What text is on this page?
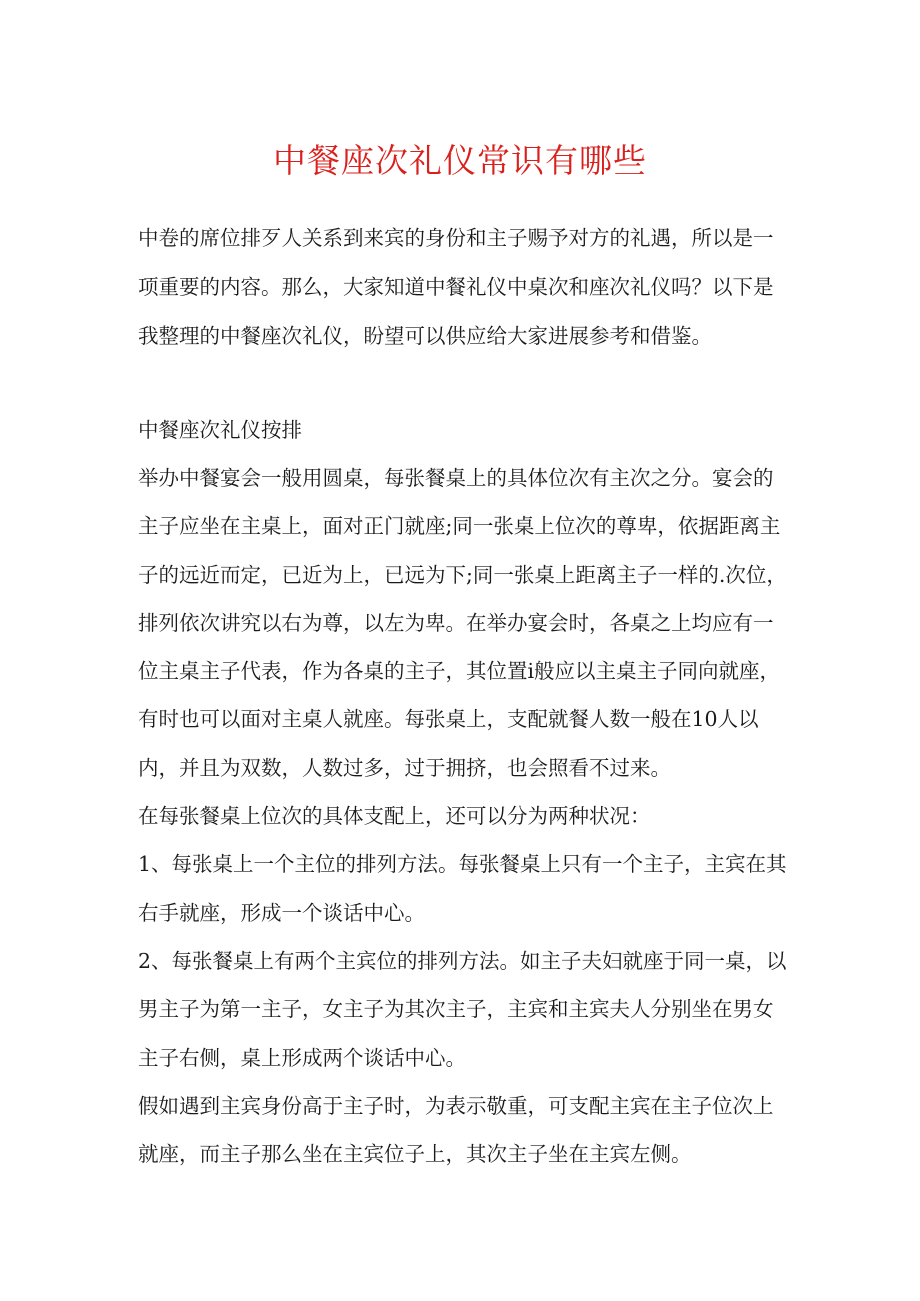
中餐座次礼仪常识有哪些

中卷的席位排歹人关系到来宾的身份和主子赐予对方的礼遇，所以是一项重要的内容。那么，大家知道中餐礼仪中桌次和座次礼仪吗？以下是我整理的中餐座次礼仪，盼望可以供应给大家进展参考和借鉴。

中餐座次礼仪按排

举办中餐宴会一般用圆桌，每张餐桌上的具体位次有主次之分。宴会的主子应坐在主桌上，面对正门就座;同一张桌上位次的尊卑，依据距离主子的远近而定，已近为上，已远为下;同一张桌上距离主子一样的.次位，排列依次讲究以右为尊，以左为卑。在举办宴会时，各桌之上均应有一位主桌主子代表，作为各桌的主子，其位置i般应以主桌主子同向就座，有时也可以面对主桌人就座。每张桌上，支配就餐人数一般在10人以内，并且为双数，人数过多，过于拥挤，也会照看不过来。

在每张餐桌上位次的具体支配上，还可以分为两种状况：

1、每张桌上一个主位的排列方法。每张餐桌上只有一个主子，主宾在其右手就座，形成一个谈话中心。

2、每张餐桌上有两个主宾位的排列方法。如主子夫妇就座于同一桌，以男主子为第一主子，女主子为其次主子，主宾和主宾夫人分别坐在男女主子右侧，桌上形成两个谈话中心。

假如遇到主宾身份高于主子时，为表示敬重，可支配主宾在主子位次上就座，而主子那么坐在主宾位子上，其次主子坐在主宾左侧。
